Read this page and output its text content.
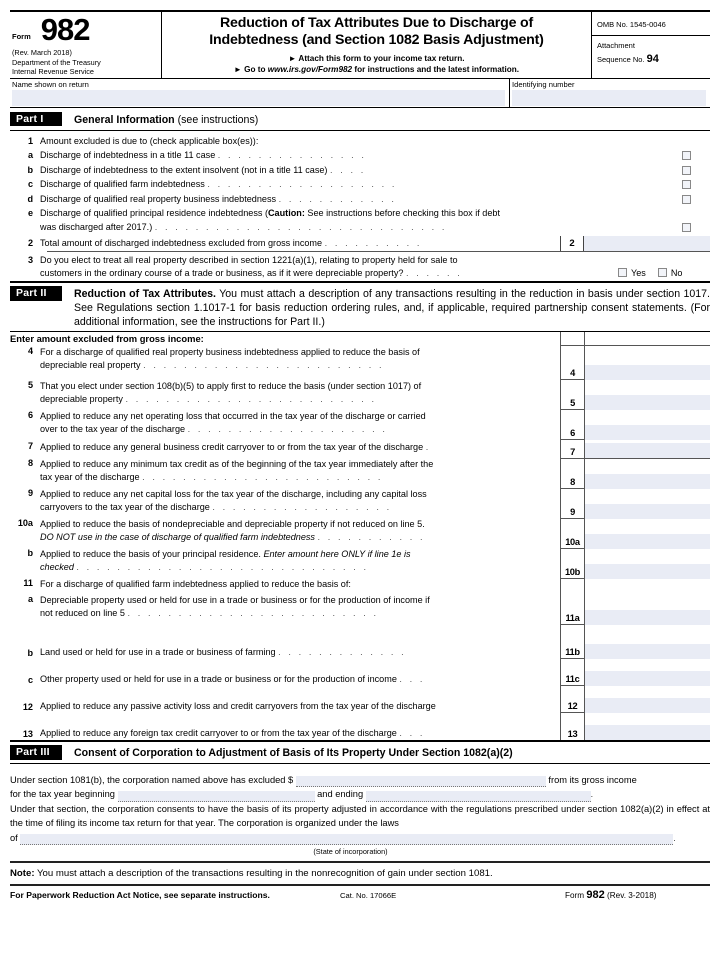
Form 982
(Rev. March 2018)
Department of the Treasury
Internal Revenue Service
Reduction of Tax Attributes Due to Discharge of
Indebtedness (and Section 1082 Basis Adjustment)
► Attach this form to your income tax return.
► Go to www.irs.gov/Form982 for instructions and the latest information.
OMB No. 1545-0046
Attachment
Sequence No. 94
Name shown on return	Identifying number
Part I	General Information (see instructions)
1 Amount excluded is due to (check applicable box(es)):
a Discharge of indebtedness in a title 11 case . . . . . . . . . . . . . . .
b Discharge of indebtedness to the extent insolvent (not in a title 11 case) . . . .
c Discharge of qualified farm indebtedness . . . . . . . . . . . . . . . . . . .
d Discharge of qualified real property business indebtedness . . . . . . . . . . . .
e Discharge of qualified principal residence indebtedness (Caution: See instructions before checking this box if debt
was discharged after 2017.) . . . . . . . . . . . . . . . . . . . . . . . . . . . . .
2 Total amount of discharged indebtedness excluded from gross income . . . . . . . . . .	2
3 Do you elect to treat all real property described in section 1221(a)(1), relating to property held for sale to
customers in the ordinary course of a trade or business, as if it were depreciable property? . . . . . .	Yes	No
Part II	Reduction of Tax Attributes. You must attach a description of any transactions resulting in the reduction in basis under section 1017. See Regulations section 1.1017-1 for basis reduction ordering rules, and, if applicable, required partnership consent statements. (For additional information, see the instructions for Part II.)
Enter amount excluded from gross income:
4 For a discharge of qualified real property business indebtedness applied to reduce the basis of
depreciable real property . . . . . . . . . . . . . . . . . . . . . . . .
5 That you elect under section 108(b)(5) to apply first to reduce the basis (under section 1017) of
depreciable property . . . . . . . . . . . . . . . . . . . . . . . . .
6 Applied to reduce any net operating loss that occurred in the tax year of the discharge or carried
over to the tax year of the discharge . . . . . . . . . . . . . . . . . . . .
7 Applied to reduce any general business credit carryover to or from the tax year of the discharge .
8 Applied to reduce any minimum tax credit as of the beginning of the tax year immediately after the
tax year of the discharge . . . . . . . . . . . . . . . . . . . . . . . .
9 Applied to reduce any net capital loss for the tax year of the discharge, including any capital loss
carryovers to the tax year of the discharge . . . . . . . . . . . . . . . . . .
10a Applied to reduce the basis of nondepreciable and depreciable property if not reduced on line 5.
DO NOT use in the case of discharge of qualified farm indebtedness . . . . . . . . . . .
b Applied to reduce the basis of your principal residence. Enter amount here ONLY if line 1e is
checked . . . . . . . . . . . . . . . . . . . . . . . . . . . . .
11 For a discharge of qualified farm indebtedness applied to reduce the basis of:
a Depreciable property used or held for use in a trade or business or for the production of income if
not reduced on line 5 . . . . . . . . . . . . . . . . . . . . . . . . .
b Land used or held for use in a trade or business of farming . . . . . . . . . . . . .
c Other property used or held for use in a trade or business or for the production of income . . .
12 Applied to reduce any passive activity loss and credit carryovers from the tax year of the discharge
13 Applied to reduce any foreign tax credit carryover to or from the tax year of the discharge . . .
4
5
6
7
8
9
10a
10b
11a
11b
11c
12
13
Part III	Consent of Corporation to Adjustment of Basis of Its Property Under Section 1082(a)(2)
Under section 1081(b), the corporation named above has excluded $	from its gross income
for the tax year beginning	and ending	.
Under that section, the corporation consents to have the basis of its property adjusted in accordance with the regulations prescribed under section 1082(a)(2) in effect at the time of filing its income tax return for that year. The corporation is organized under the laws
of	.
(State of incorporation)
Note: You must attach a description of the transactions resulting in the nonrecognition of gain under section 1081.
For Paperwork Reduction Act Notice, see separate instructions.	Cat. No. 17066E	Form 982 (Rev. 3-2018)
